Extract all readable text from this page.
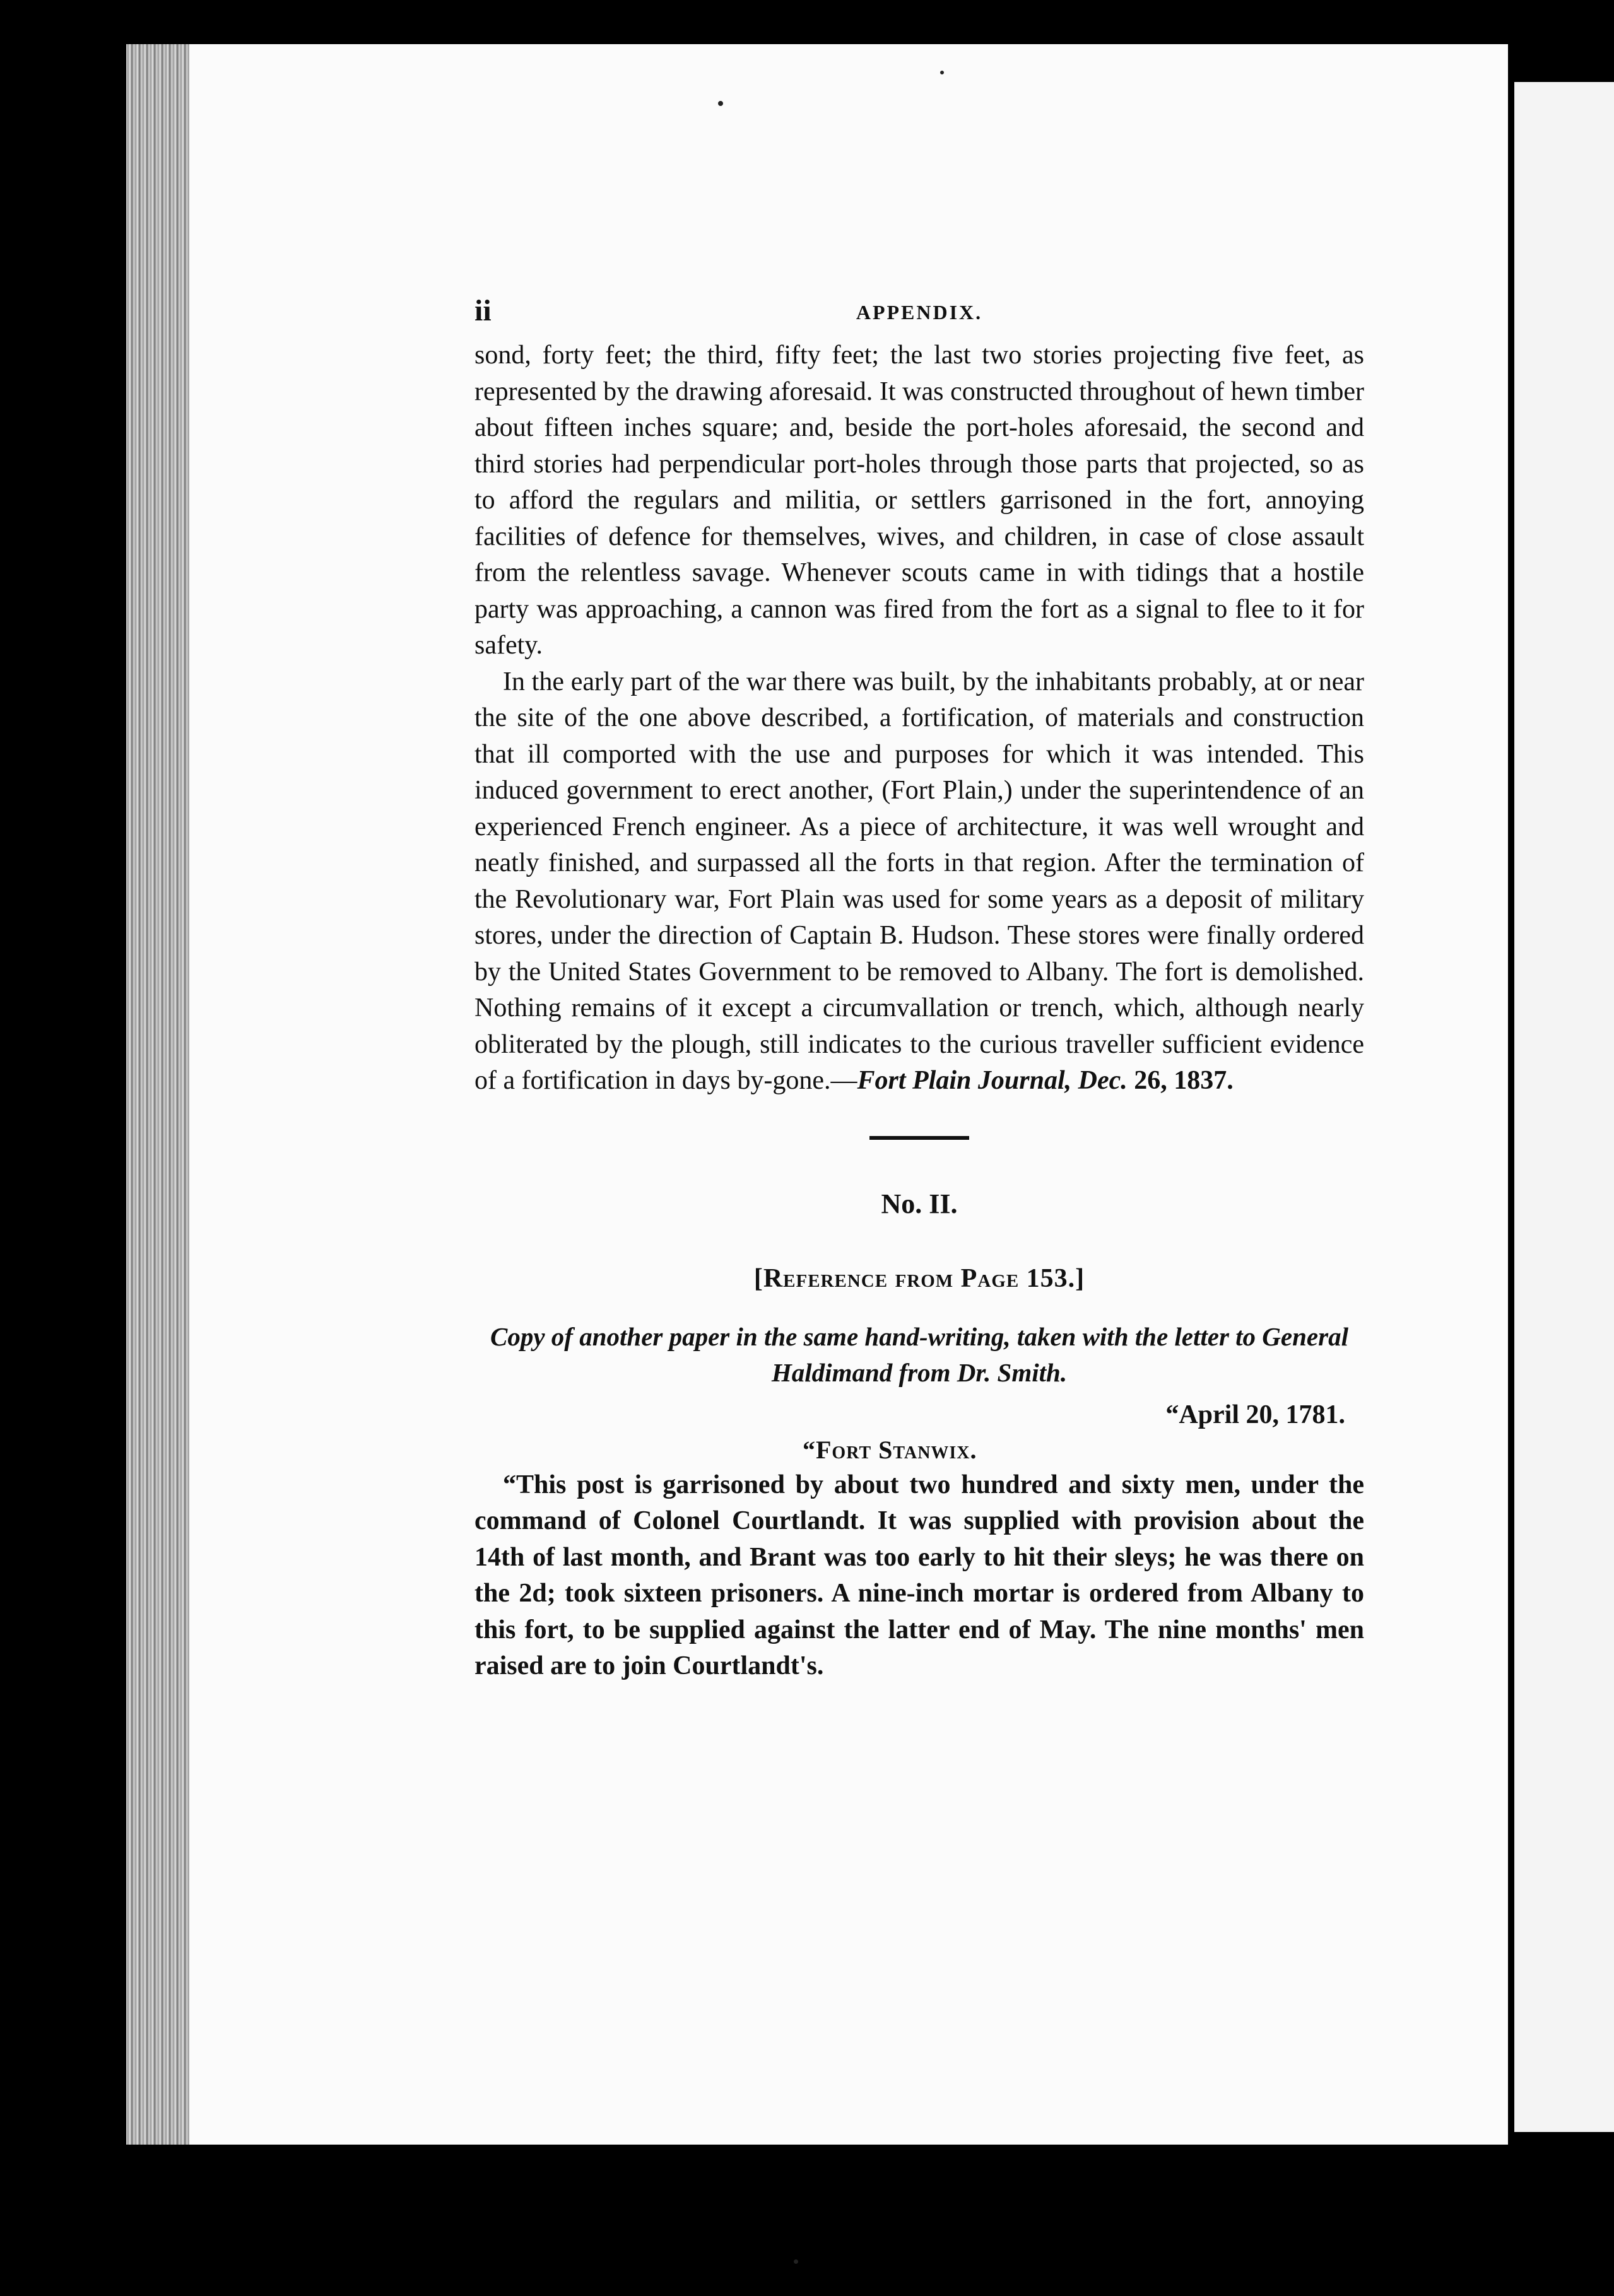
ii	APPENDIX.

sond, forty feet; the third, fifty feet; the last two stories projecting five feet, as represented by the drawing aforesaid. It was constructed throughout of hewn timber about fifteen inches square; and, beside the port-holes aforesaid, the second and third stories had perpendicular port-holes through those parts that projected, so as to afford the regulars and militia, or settlers garrisoned in the fort, annoying facilities of defence for themselves, wives, and children, in case of close assault from the relentless savage. Whenever scouts came in with tidings that a hostile party was approaching, a cannon was fired from the fort as a signal to flee to it for safety.

In the early part of the war there was built, by the inhabitants probably, at or near the site of the one above described, a fortification, of materials and construction that ill comported with the use and purposes for which it was intended. This induced government to erect another, (Fort Plain,) under the superintendence of an experienced French engineer. As a piece of architecture, it was well wrought and neatly finished, and surpassed all the forts in that region. After the termination of the Revolutionary war, Fort Plain was used for some years as a deposit of military stores, under the direction of Captain B. Hudson. These stores were finally ordered by the United States Government to be removed to Albany. The fort is demolished. Nothing remains of it except a circumvallation or trench, which, although nearly obliterated by the plough, still indicates to the curious traveller sufficient evidence of a fortification in days by-gone.—Fort Plain Journal, Dec. 26, 1837.

No. II.
[Reference from Page 153.]
Copy of another paper in the same hand-writing, taken with the letter to General Haldimand from Dr. Smith.
“April 20, 1781.
“Fort Stanwix.

“This post is garrisoned by about two hundred and sixty men, under the command of Colonel Courtlandt. It was supplied with provision about the 14th of last month, and Brant was too early to hit their sleys; he was there on the 2d; took sixteen prisoners. A nine-inch mortar is ordered from Albany to this fort, to be supplied against the latter end of May. The nine months' men raised are to join Courtlandt's.
